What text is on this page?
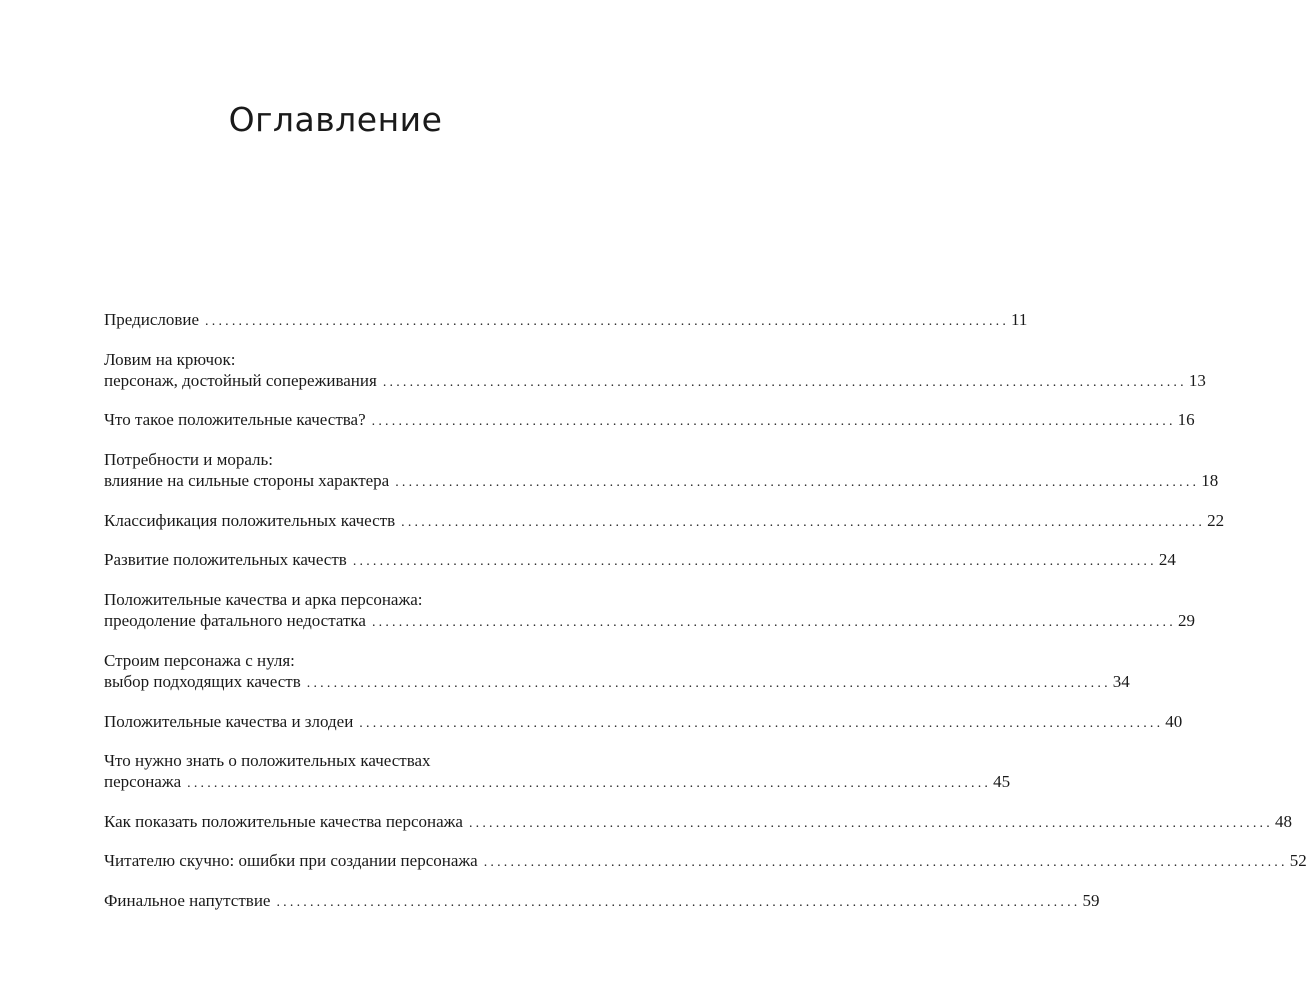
Оглавление
Предисловие ........................................................................................................................ 11
Ловим на крючок:
персонаж, достойный сопереживания ........................................................................................................................ 13
Что такое положительные качества? ........................................................................................................................ 16
Потребности и мораль:
влияние на сильные стороны характера ........................................................................................................................ 18
Классификация положительных качеств ........................................................................................................................ 22
Развитие положительных качеств ........................................................................................................................ 24
Положительные качества и арка персонажа:
преодоление фатального недостатка ........................................................................................................................ 29
Строим персонажа с нуля:
выбор подходящих качеств ........................................................................................................................ 34
Положительные качества и злодеи ........................................................................................................................ 40
Что нужно знать о положительных качествах
персонажа ........................................................................................................................ 45
Как показать положительные качества персонажа ........................................................................................................................ 48
Читателю скучно: ошибки при создании персонажа ........................................................................................................................ 52
Финальное напутствие ........................................................................................................................ 59
